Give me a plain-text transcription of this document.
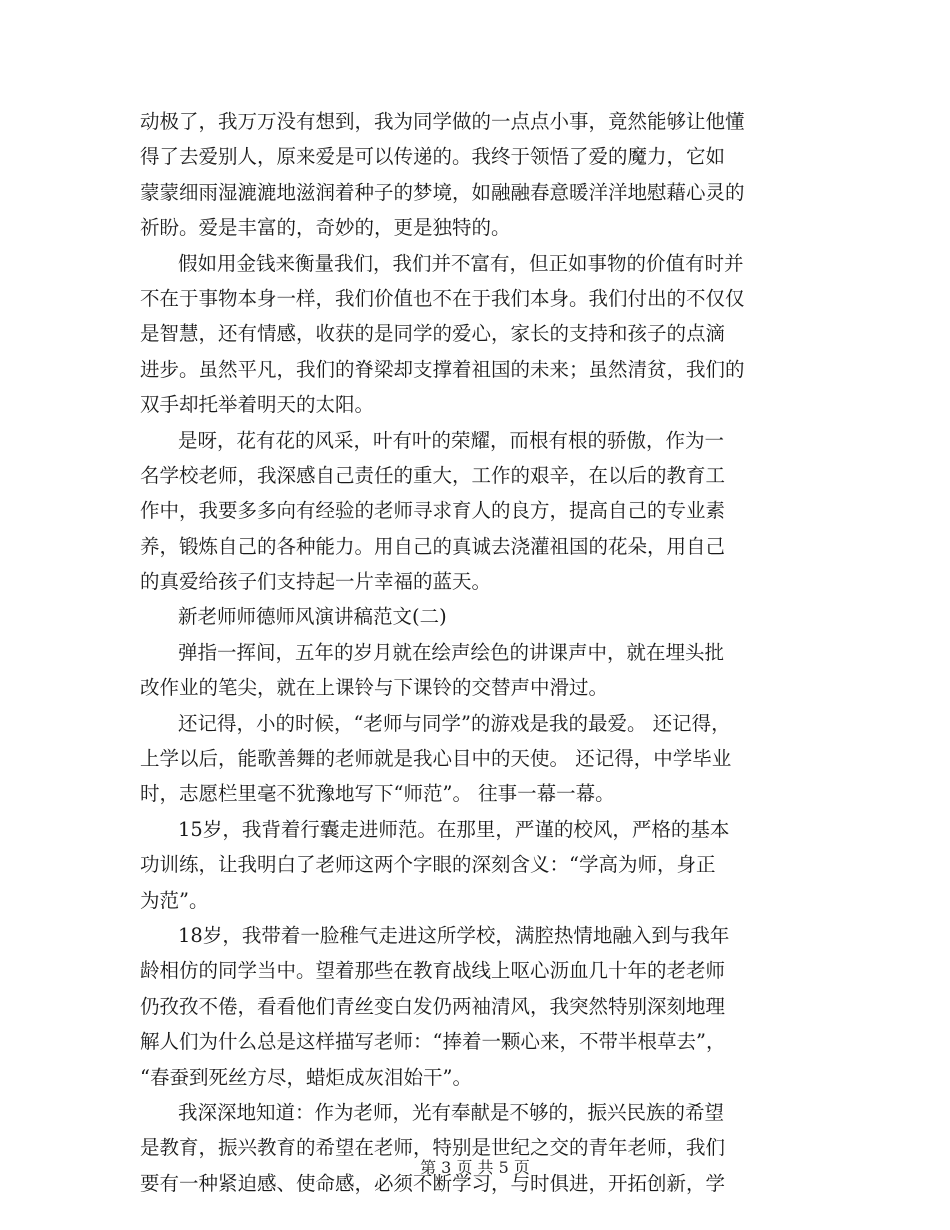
动极了，我万万没有想到，我为同学做的一点点小事，竟然能够让他懂
得了去爱别人，原来爱是可以传递的。我终于领悟了爱的魔力，它如
蒙蒙细雨湿漉漉地滋润着种子的梦境，如融融春意暖洋洋地慰藉心灵的
祈盼。爱是丰富的，奇妙的，更是独特的。
假如用金钱来衡量我们，我们并不富有，但正如事物的价值有时并
不在于事物本身一样，我们价值也不在于我们本身。我们付出的不仅仅
是智慧，还有情感，收获的是同学的爱心，家长的支持和孩子的点滴
进步。虽然平凡，我们的脊梁却支撑着祖国的未来；虽然清贫，我们的
双手却托举着明天的太阳。
是呀，花有花的风采，叶有叶的荣耀，而根有根的骄傲，作为一
名学校老师，我深感自己责任的重大，工作的艰辛，在以后的教育工
作中，我要多多向有经验的老师寻求育人的良方，提高自己的专业素
养，锻炼自己的各种能力。用自己的真诚去浇灌祖国的花朵，用自己
的真爱给孩子们支持起一片幸福的蓝天。
新老师师德师风演讲稿范文(二)
弹指一挥间，五年的岁月就在绘声绘色的讲课声中，就在埋头批
改作业的笔尖，就在上课铃与下课铃的交替声中滑过。
还记得，小的时候，“老师与同学”的游戏是我的最爱。 还记得，
上学以后，能歌善舞的老师就是我心目中的天使。 还记得，中学毕业
时，志愿栏里毫不犹豫地写下“师范”。 往事一幕一幕。
15岁，我背着行囊走进师范。在那里，严谨的校风，严格的基本
功训练，让我明白了老师这两个字眼的深刻含义：“学高为师，身正
为范”。
18岁，我带着一脸稚气走进这所学校，满腔热情地融入到与我年
龄相仿的同学当中。望着那些在教育战线上呕心沥血几十年的老老师
仍孜孜不倦，看看他们青丝变白发仍两袖清风，我突然特别深刻地理
解人们为什么总是这样描写老师：“捧着一颗心来，不带半根草去”，
“春蚕到死丝方尽，蜡炬成灰泪始干”。
我深深地知道：作为老师，光有奉献是不够的，振兴民族的希望
是教育，振兴教育的希望在老师，特别是世纪之交的青年老师，我们
要有一种紧迫感、使命感，必须不断学习，与时俱进，开拓创新，学
第 3 页 共 5 页
